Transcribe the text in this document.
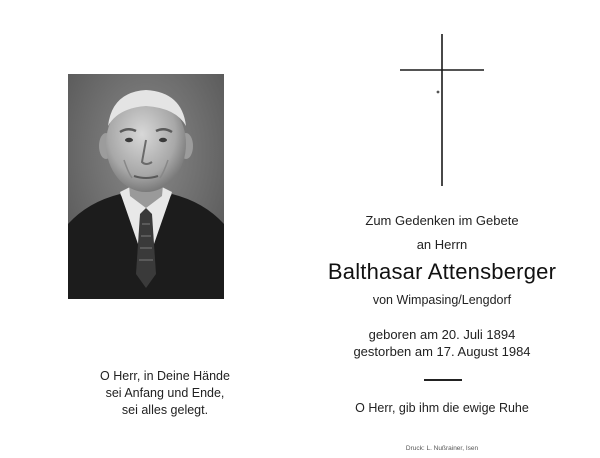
O Herr, in Deine Hände
sei Anfang und Ende,
sei alles gelegt.
Zum Gedenken im Gebete
an Herrn
Balthasar Attensberger
von Wimpasing/Lengdorf
geboren am 20. Juli 1894
gestorben am 17. August 1984
O Herr, gib ihm die ewige Ruhe
Druck: L. Nußrainer, Isen
